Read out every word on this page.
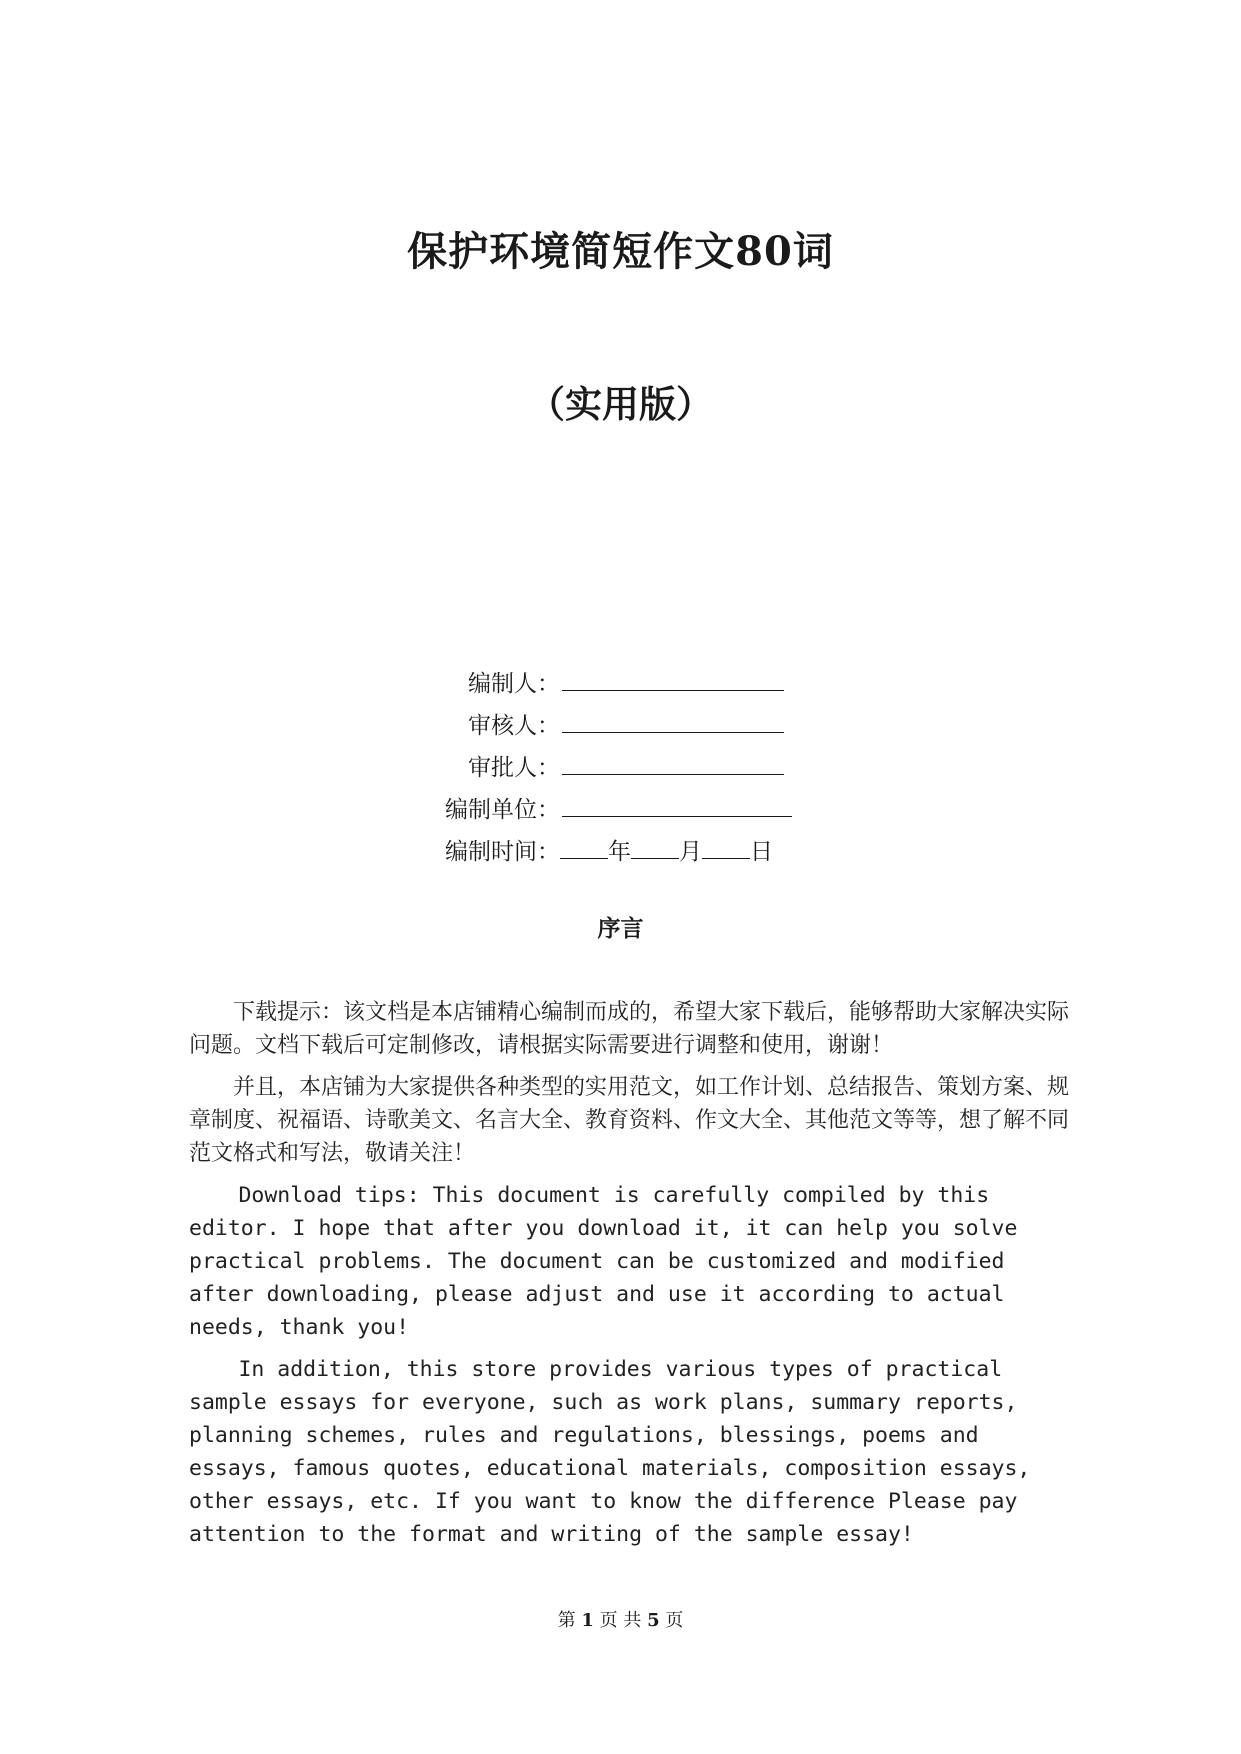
保护环境简短作文80词
（实用版）
编制人：
审核人：
审批人：
编制单位：
编制时间： 年 月 日
序言

下载提示：该文档是本店铺精心编制而成的，希望大家下载后，能够帮助大家解决实际问题。文档下载后可定制修改，请根据实际需要进行调整和使用，谢谢！

并且，本店铺为大家提供各种类型的实用范文，如工作计划、总结报告、策划方案、规章制度、祝福语、诗歌美文、名言大全、教育资料、作文大全、其他范文等等，想了解不同范文格式和写法，敬请关注！

Download tips: This document is carefully compiled by this editor. I hope that after you download it, it can help you solve practical problems. The document can be customized and modified after downloading, please adjust and use it according to actual needs, thank you!

In addition, this store provides various types of practical sample essays for everyone, such as work plans, summary reports, planning schemes, rules and regulations, blessings, poems and essays, famous quotes, educational materials, composition essays, other essays, etc. If you want to know the difference Please pay attention to the format and writing of the sample essay!

第 1 页 共 5 页
